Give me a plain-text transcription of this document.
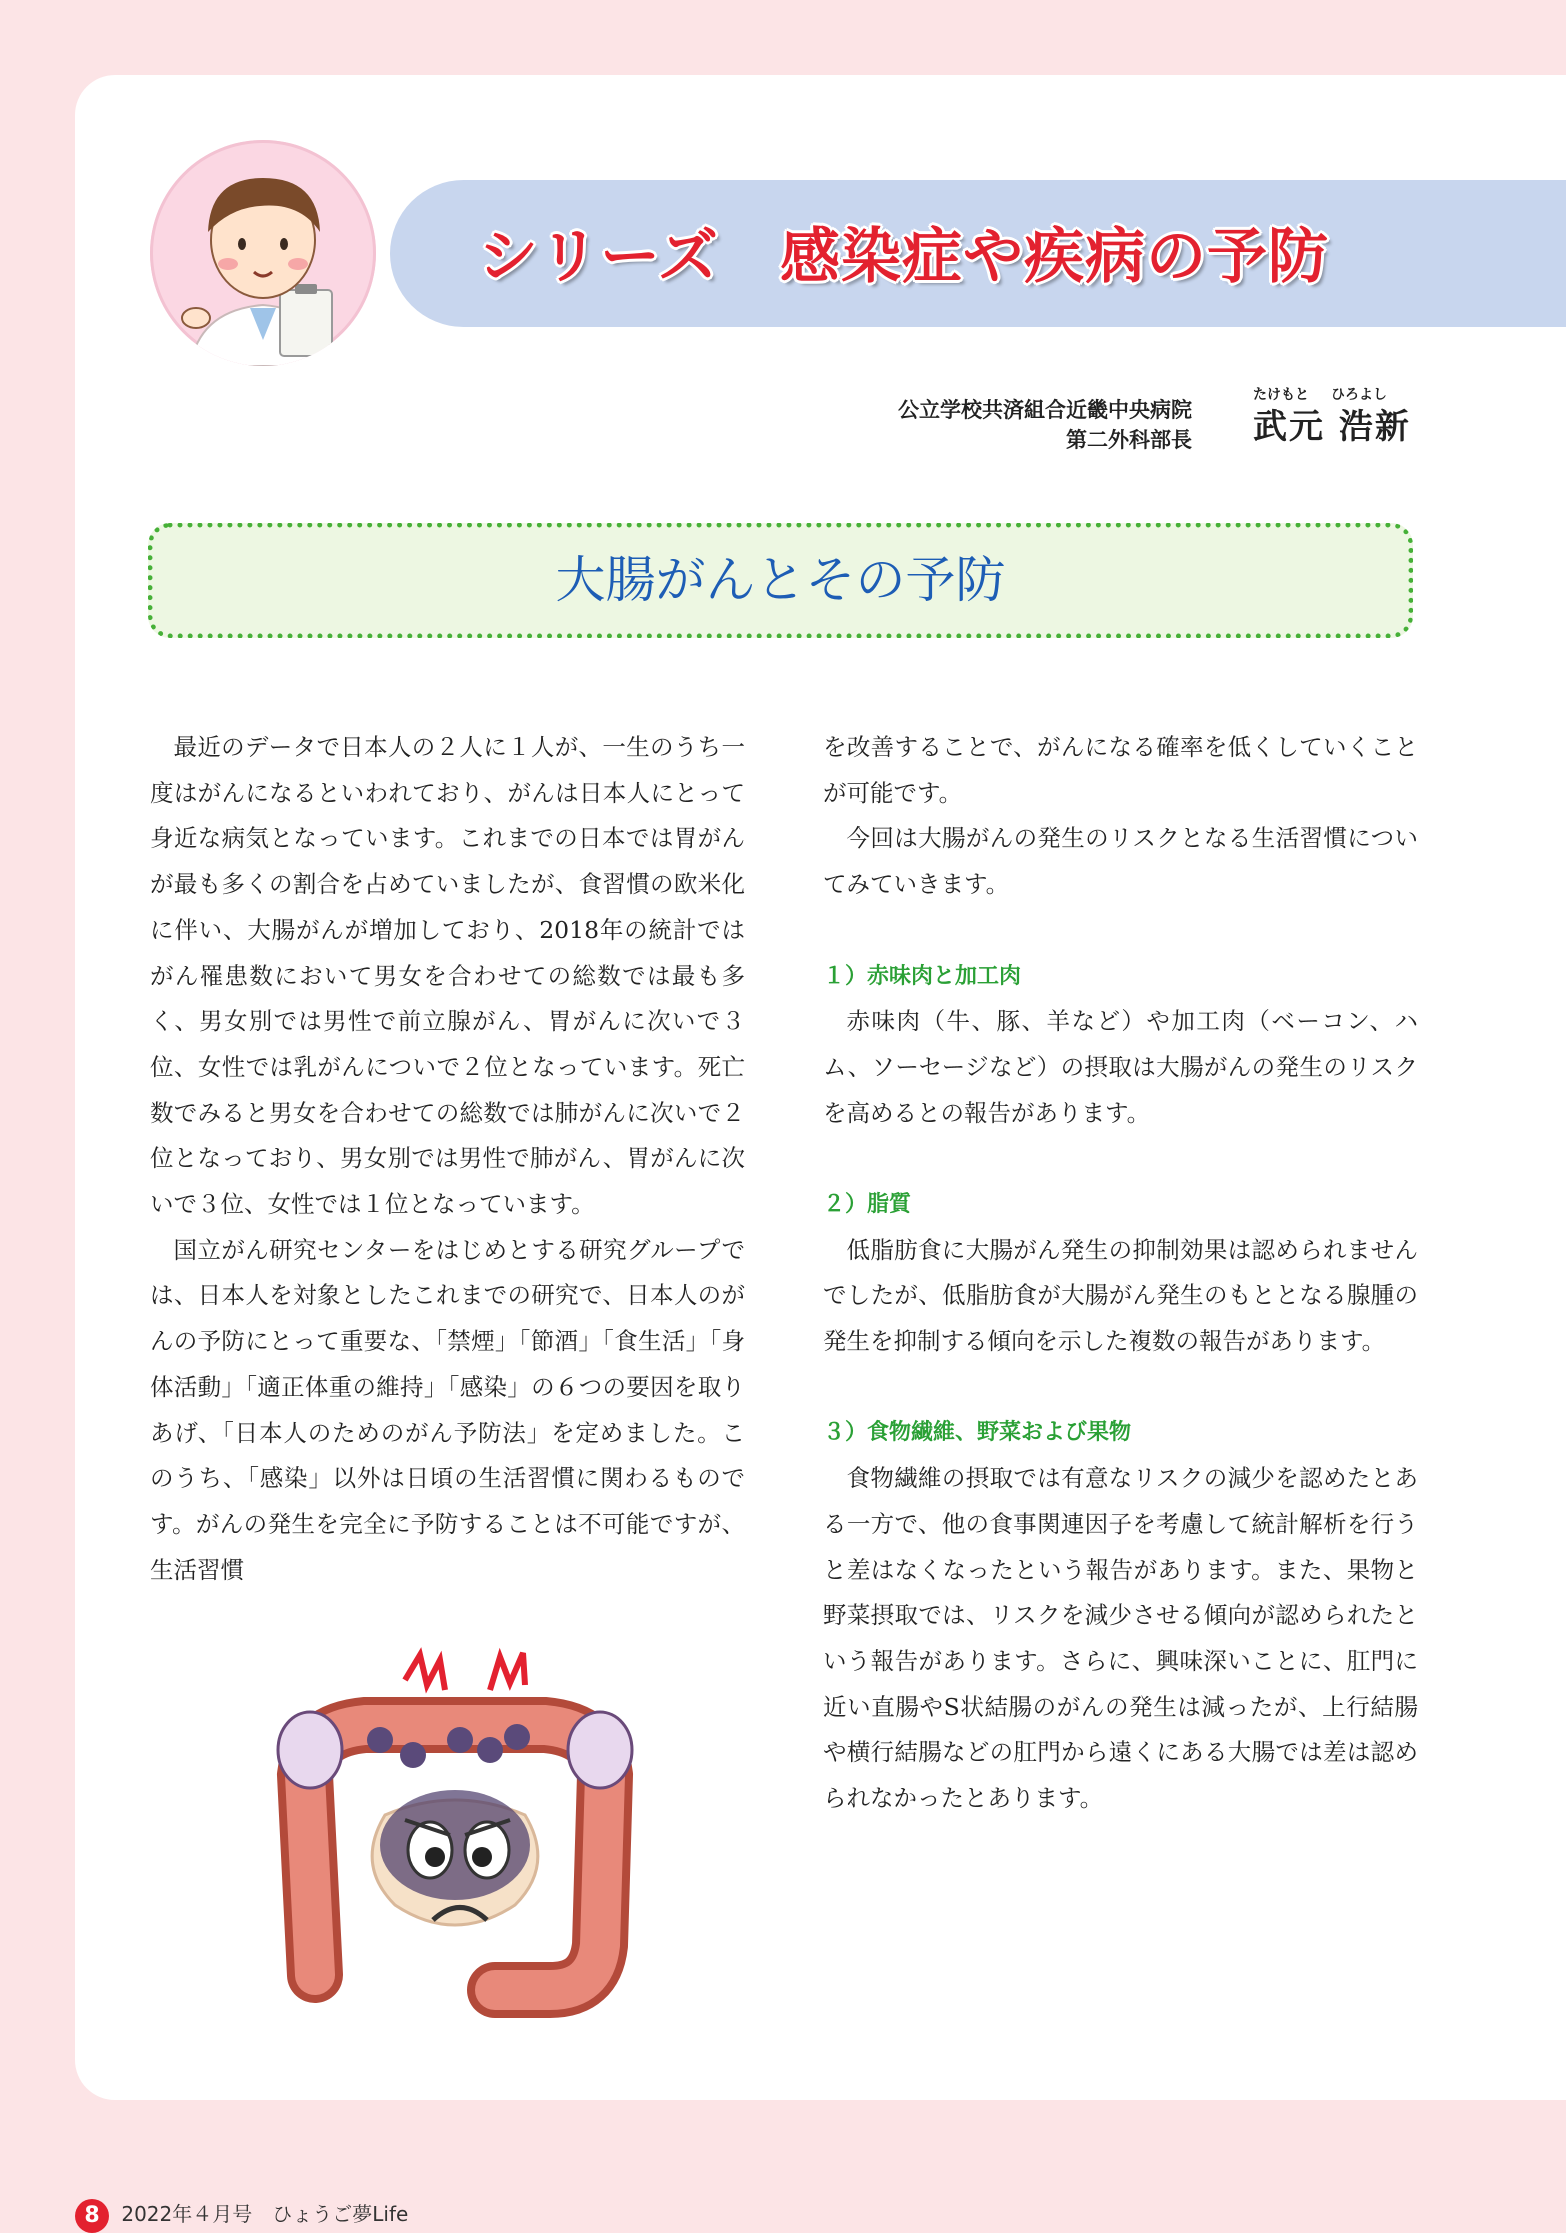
シリーズ　感染症や疾病の予防
公立学校共済組合近畿中央病院
第二外科部長
たけもと	ひろよし
武元 浩新
大腸がんとその予防

最近のデータで日本人の２人に１人が、一生のうち一度はがんになるといわれており、がんは日本人にとって身近な病気となっています。これまでの日本では胃がんが最も多くの割合を占めていましたが、食習慣の欧米化に伴い、大腸がんが増加しており、2018年の統計ではがん罹患数において男女を合わせての総数では最も多く、男女別では男性で前立腺がん、胃がんに次いで３位、女性では乳がんについで２位となっています。死亡数でみると男女を合わせての総数では肺がんに次いで２位となっており、男女別では男性で肺がん、胃がんに次いで３位、女性では１位となっています。

国立がん研究センターをはじめとする研究グループでは、日本人を対象としたこれまでの研究で、日本人のがんの予防にとって重要な、「禁煙」「節酒」「食生活」「身体活動」「適正体重の維持」「感染」の６つの要因を取りあげ、「日本人のためのがん予防法」を定めました。このうち、「感染」以外は日頃の生活習慣に関わるものです。がんの発生を完全に予防することは不可能ですが、生活習慣

を改善することで、がんになる確率を低くしていくことが可能です。

今回は大腸がんの発生のリスクとなる生活習慣についてみていきます。

１）赤味肉と加工肉

赤味肉（牛、豚、羊など）や加工肉（ベーコン、ハム、ソーセージなど）の摂取は大腸がんの発生のリスクを高めるとの報告があります。

２）脂質

低脂肪食に大腸がん発生の抑制効果は認められませんでしたが、低脂肪食が大腸がん発生のもととなる腺腫の発生を抑制する傾向を示した複数の報告があります。

３）食物繊維、野菜および果物

食物繊維の摂取では有意なリスクの減少を認めたとある一方で、他の食事関連因子を考慮して統計解析を行うと差はなくなったという報告があります。また、果物と野菜摂取では、リスクを減少させる傾向が認められたという報告があります。さらに、興味深いことに、肛門に近い直腸やS状結腸のがんの発生は減ったが、上行結腸や横行結腸などの肛門から遠くにある大腸では差は認められなかったとあります。

8 2022年４月号　ひょうご夢Life
